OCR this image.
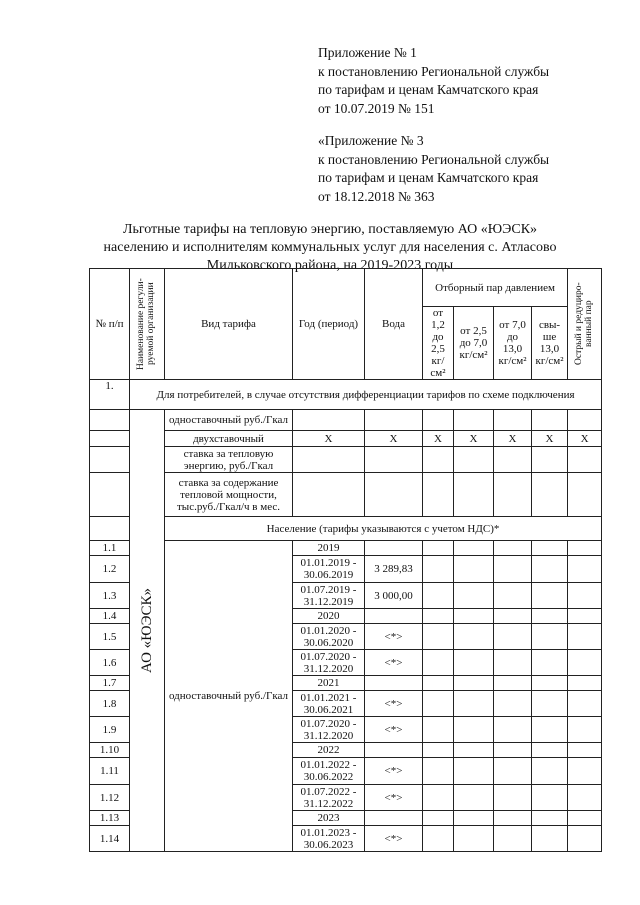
Приложение № 1
к постановлению Региональной службы
по тарифам и ценам Камчатского края
от 10.07.2019 № 151
«Приложение № 3
к постановлению Региональной службы
по тарифам и ценам Камчатского края
от 18.12.2018 № 363
Льготные тарифы на тепловую энергию, поставляемую АО «ЮЭСК»
населению и исполнителям коммунальных услуг для населения с. Атласово
Мильковского района, на 2019-2023 годы
№ п/п	Наименование регули-руемой организации	Вид тарифа	Год (период)	Вода	Отборный пар давлением				Острый и редуциро-ванный пар

					от 1,2 до 2,5 кг/см²	от 2,5 до 7,0 кг/см²	от 7,0 до 13,0 кг/см²	свы-ше 13,0 кг/см²	
1.	Для потребителей, в случае отсутствия дифференциации тарифов по схеме подключения								

	АО «ЮЭСК»	одноставочный руб./Гкал							
		двухставочный	Х	Х	Х	Х	Х	Х	Х
		ставка за тепловую энергию, руб./Гкал							
		ставка за содержание тепловой мощности, тыс.руб./Гкал/ч в мес.							
		Население (тарифы указываются с учетом НДС)*							
1.1		одноставочный руб./Гкал	2019						
1.2			01.01.2019 - 30.06.2019	3 289,83					
1.3			01.07.2019 - 31.12.2019	3 000,00					
1.4			2020						
1.5			01.01.2020 - 30.06.2020	<*>					
1.6			01.07.2020 - 31.12.2020	<*>					
1.7			2021						
1.8			01.01.2021 - 30.06.2021	<*>					
1.9			01.07.2020 - 31.12.2020	<*>					
1.10			2022						
1.11			01.01.2022 - 30.06.2022	<*>					
1.12			01.07.2022 - 31.12.2022	<*>					
1.13			2023						
1.14			01.01.2023 - 30.06.2023	<*>					
